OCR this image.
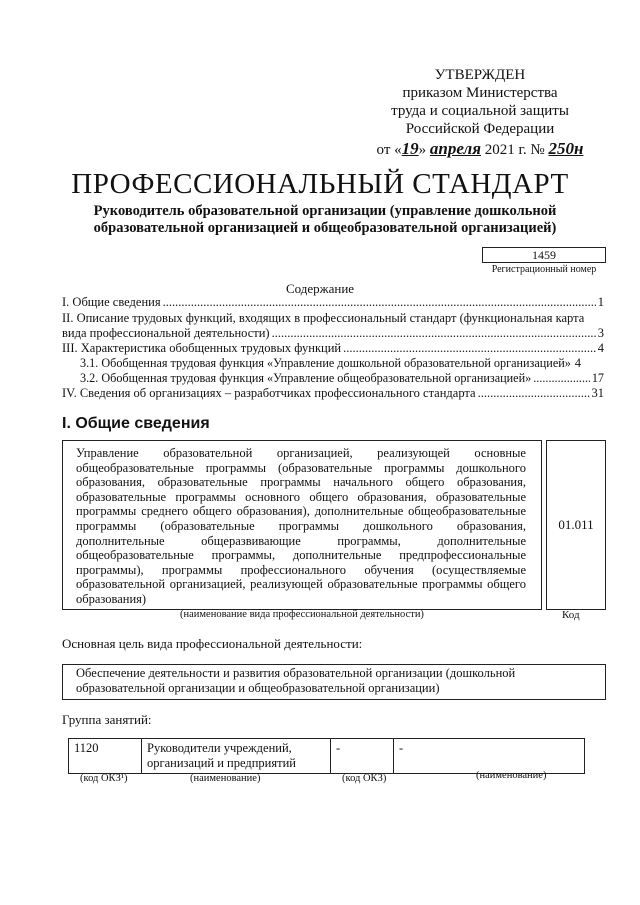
УТВЕРЖДЕН
приказом Министерства
труда и социальной защиты
Российской Федерации
от «19» апреля 2021 г. № 250н
ПРОФЕССИОНАЛЬНЫЙ СТАНДАРТ
Руководитель образовательной организации (управление дошкольной образовательной организацией и общеобразовательной организацией)
1459
Регистрационный номер
Содержание
I. Общие сведения .....	1
II. Описание трудовых функций, входящих в профессиональный стандарт (функциональная карта
вида профессиональной деятельности) .....	3
III. Характеристика обобщенных трудовых функций .....	4
3.1. Обобщенная трудовая функция «Управление дошкольной образовательной организацией» 4
3.2. Обобщенная трудовая функция «Управление общеобразовательной организацией» .....	17
IV. Сведения об организациях – разработчиках профессионального стандарта .....	31
I. Общие сведения
Управление образовательной организацией, реализующей основные общеобразовательные программы (образовательные программы дошкольного образования, образовательные программы начального общего образования, образовательные программы основного общего образования, образовательные программы среднего общего образования), дополнительные общеобразовательные программы (образовательные программы дошкольного образования, дополнительные общеразвивающие программы, дополнительные общеобразовательные программы, дополнительные предпрофессиональные программы), программы профессионального обучения (осуществляемые образовательной организацией, реализующей образовательные программы общего образования)
01.011
(наименование вида профессиональной деятельности)	Код
Основная цель вида профессиональной деятельности:
Обеспечение деятельности и развития образовательной организации (дошкольной образовательной организации и общеобразовательной организации)
Группа занятий:
1120	Руководители учреждений, организаций и предприятий	-	-
(код ОКЗ¹)	(наименование)	(код ОКЗ)	(наименование)
